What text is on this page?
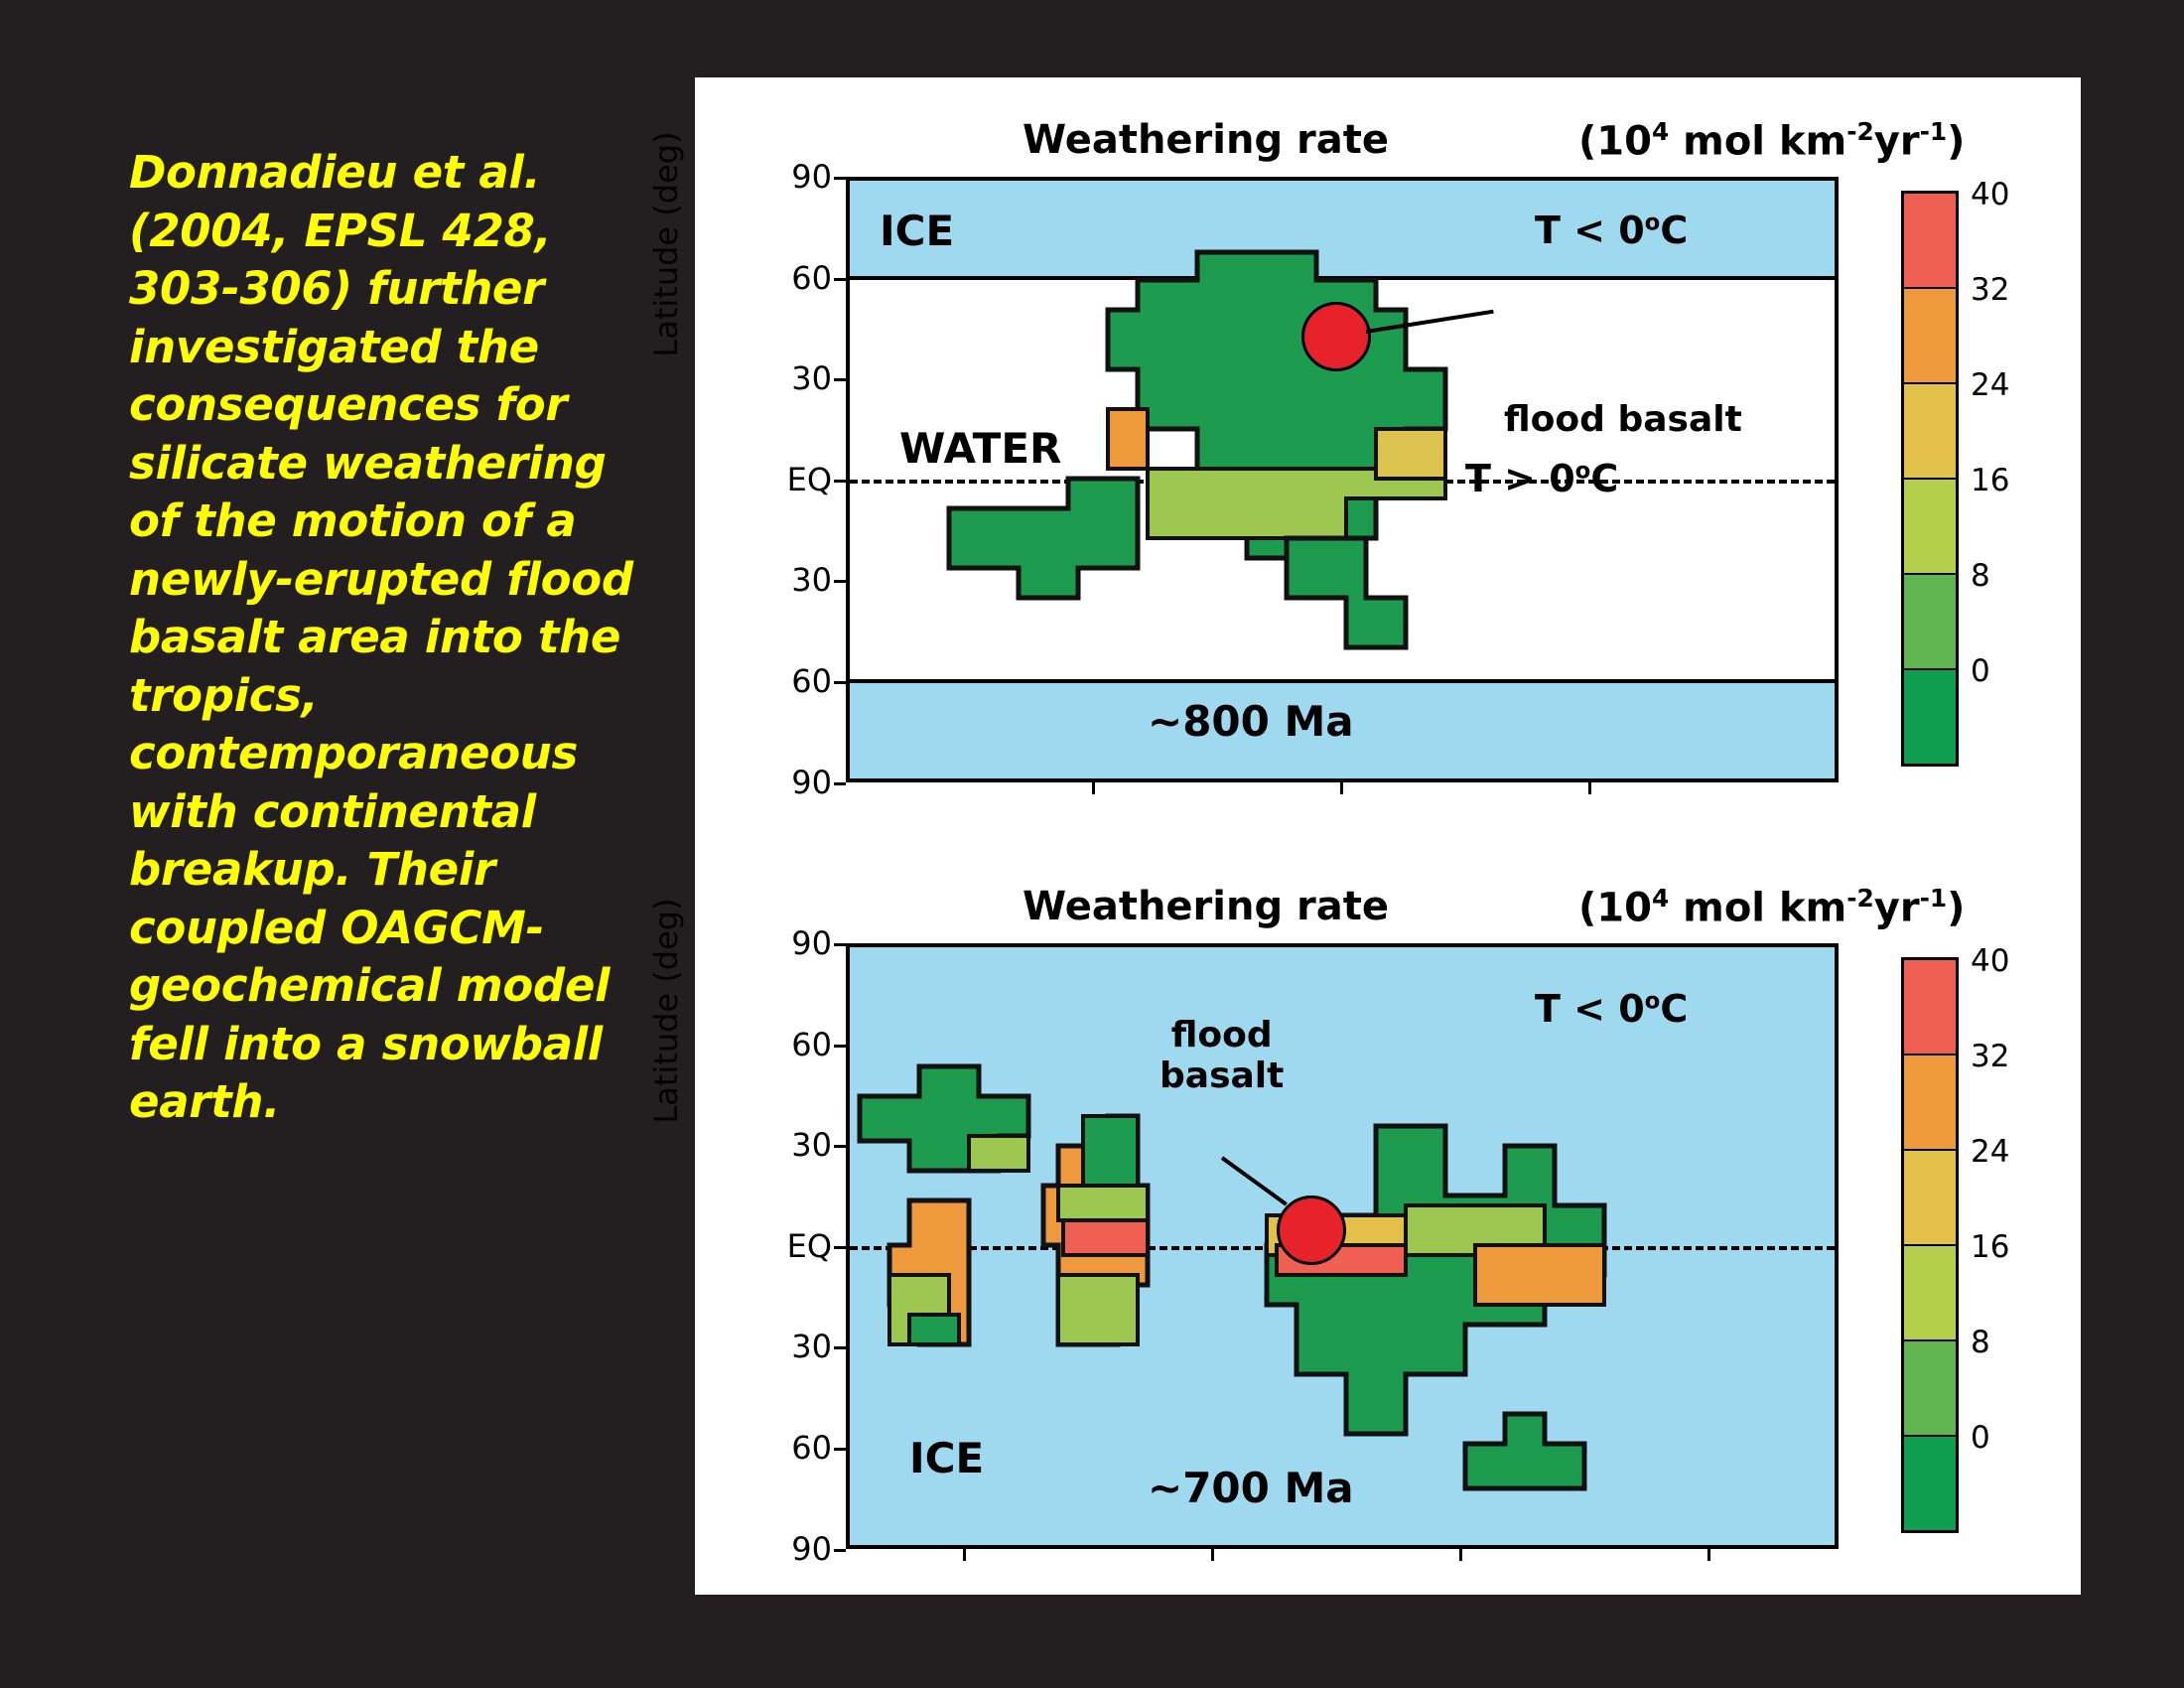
Donnadieu et al. (2004, EPSL 428, 303-306) further investigated the consequences for silicate weathering of the motion of a newly-erupted flood basalt area into the tropics, contemporaneous with continental breakup. Their coupled OAGCM-geochemical model fell into a snowball earth.
Weathering rate	($10^4$ mol $km^{-2}yr^{-1}$)
Latitude (deg)	90
60
30
EQ
30
60
90
ICE	$T < 0^oC$
WATER
$T > 0^oC$
~800 Ma
flood basalt
40
32
24
16
8
0
Weathering rate	($10^4$ mol $km^{-2}yr^{-1}$)
Latitude (deg)	90
60
30
EQ
30
60
90
$T < 0^oC$
flood
basalt
ICE
~700 Ma
40
32
24
16
8
0
